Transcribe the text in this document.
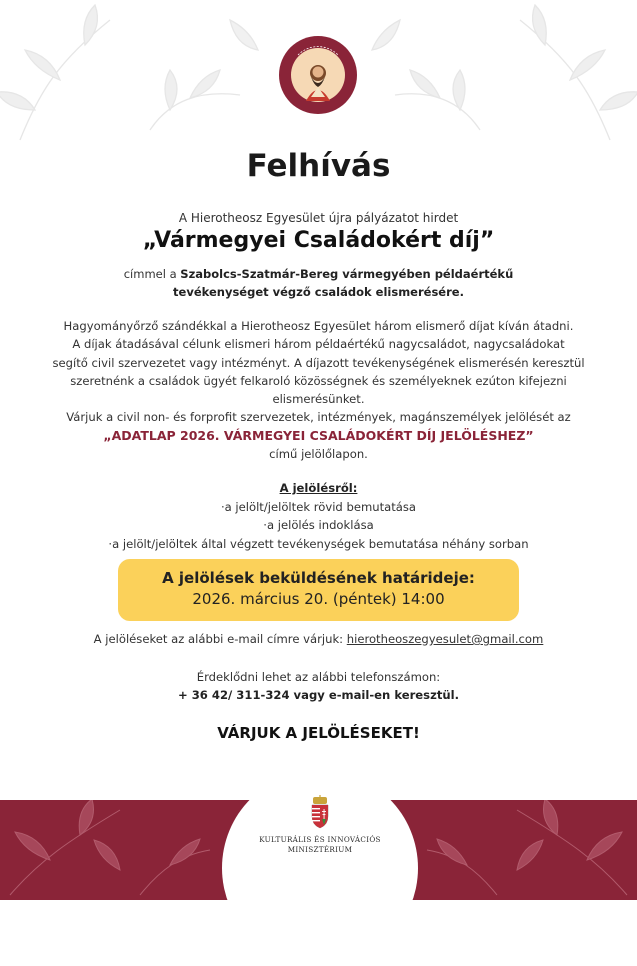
Felhívás
A Hierotheosz Egyesület újra pályázatot hirdet
„Vármegyei Családokért díj”
címmel a Szabolcs-Szatmár-Bereg vármegyében példaértékű
tevékenységet végző családok elismerésére.
Hagyományőrző szándékkal a Hierotheosz Egyesület három elismerő díjat kíván átadni.
A díjak átadásával célunk elismeri három példaértékű nagycsaládot, nagycsaládokat
segítő civil szervezetet vagy intézményt. A díjazott tevékenységének elismerésén keresztül
szeretnénk a családok ügyét felkaroló közösségnek és személyeknek ezúton kifejezni
elismerésünket.
Várjuk a civil non- és forprofit szervezetek, intézmények, magánszemélyek jelölését az
„ADATLAP 2026. VÁRMEGYEI CSALÁDOKÉRT DÍJ JELÖLÉSHEZ”
című jelölőlapon.
A jelölésről:
·a jelölt/jelöltek rövid bemutatása
·a jelölés indoklása
·a jelölt/jelöltek által végzett tevékenységek bemutatása néhány sorban
A jelölések beküldésének határideje:
2026. március 20. (péntek) 14:00
A jelöléseket az alábbi e-mail címre várjuk: hierotheoszegyesulet@gmail.com
Érdeklődni lehet az alábbi telefonszámon:
+ 36 42/ 311-324 vagy e-mail-en keresztül.
VÁRJUK A JELÖLÉSEKET!
KULTURÁLIS ÉS INNOVÁCIÓS
MINISZTÉRIUM
